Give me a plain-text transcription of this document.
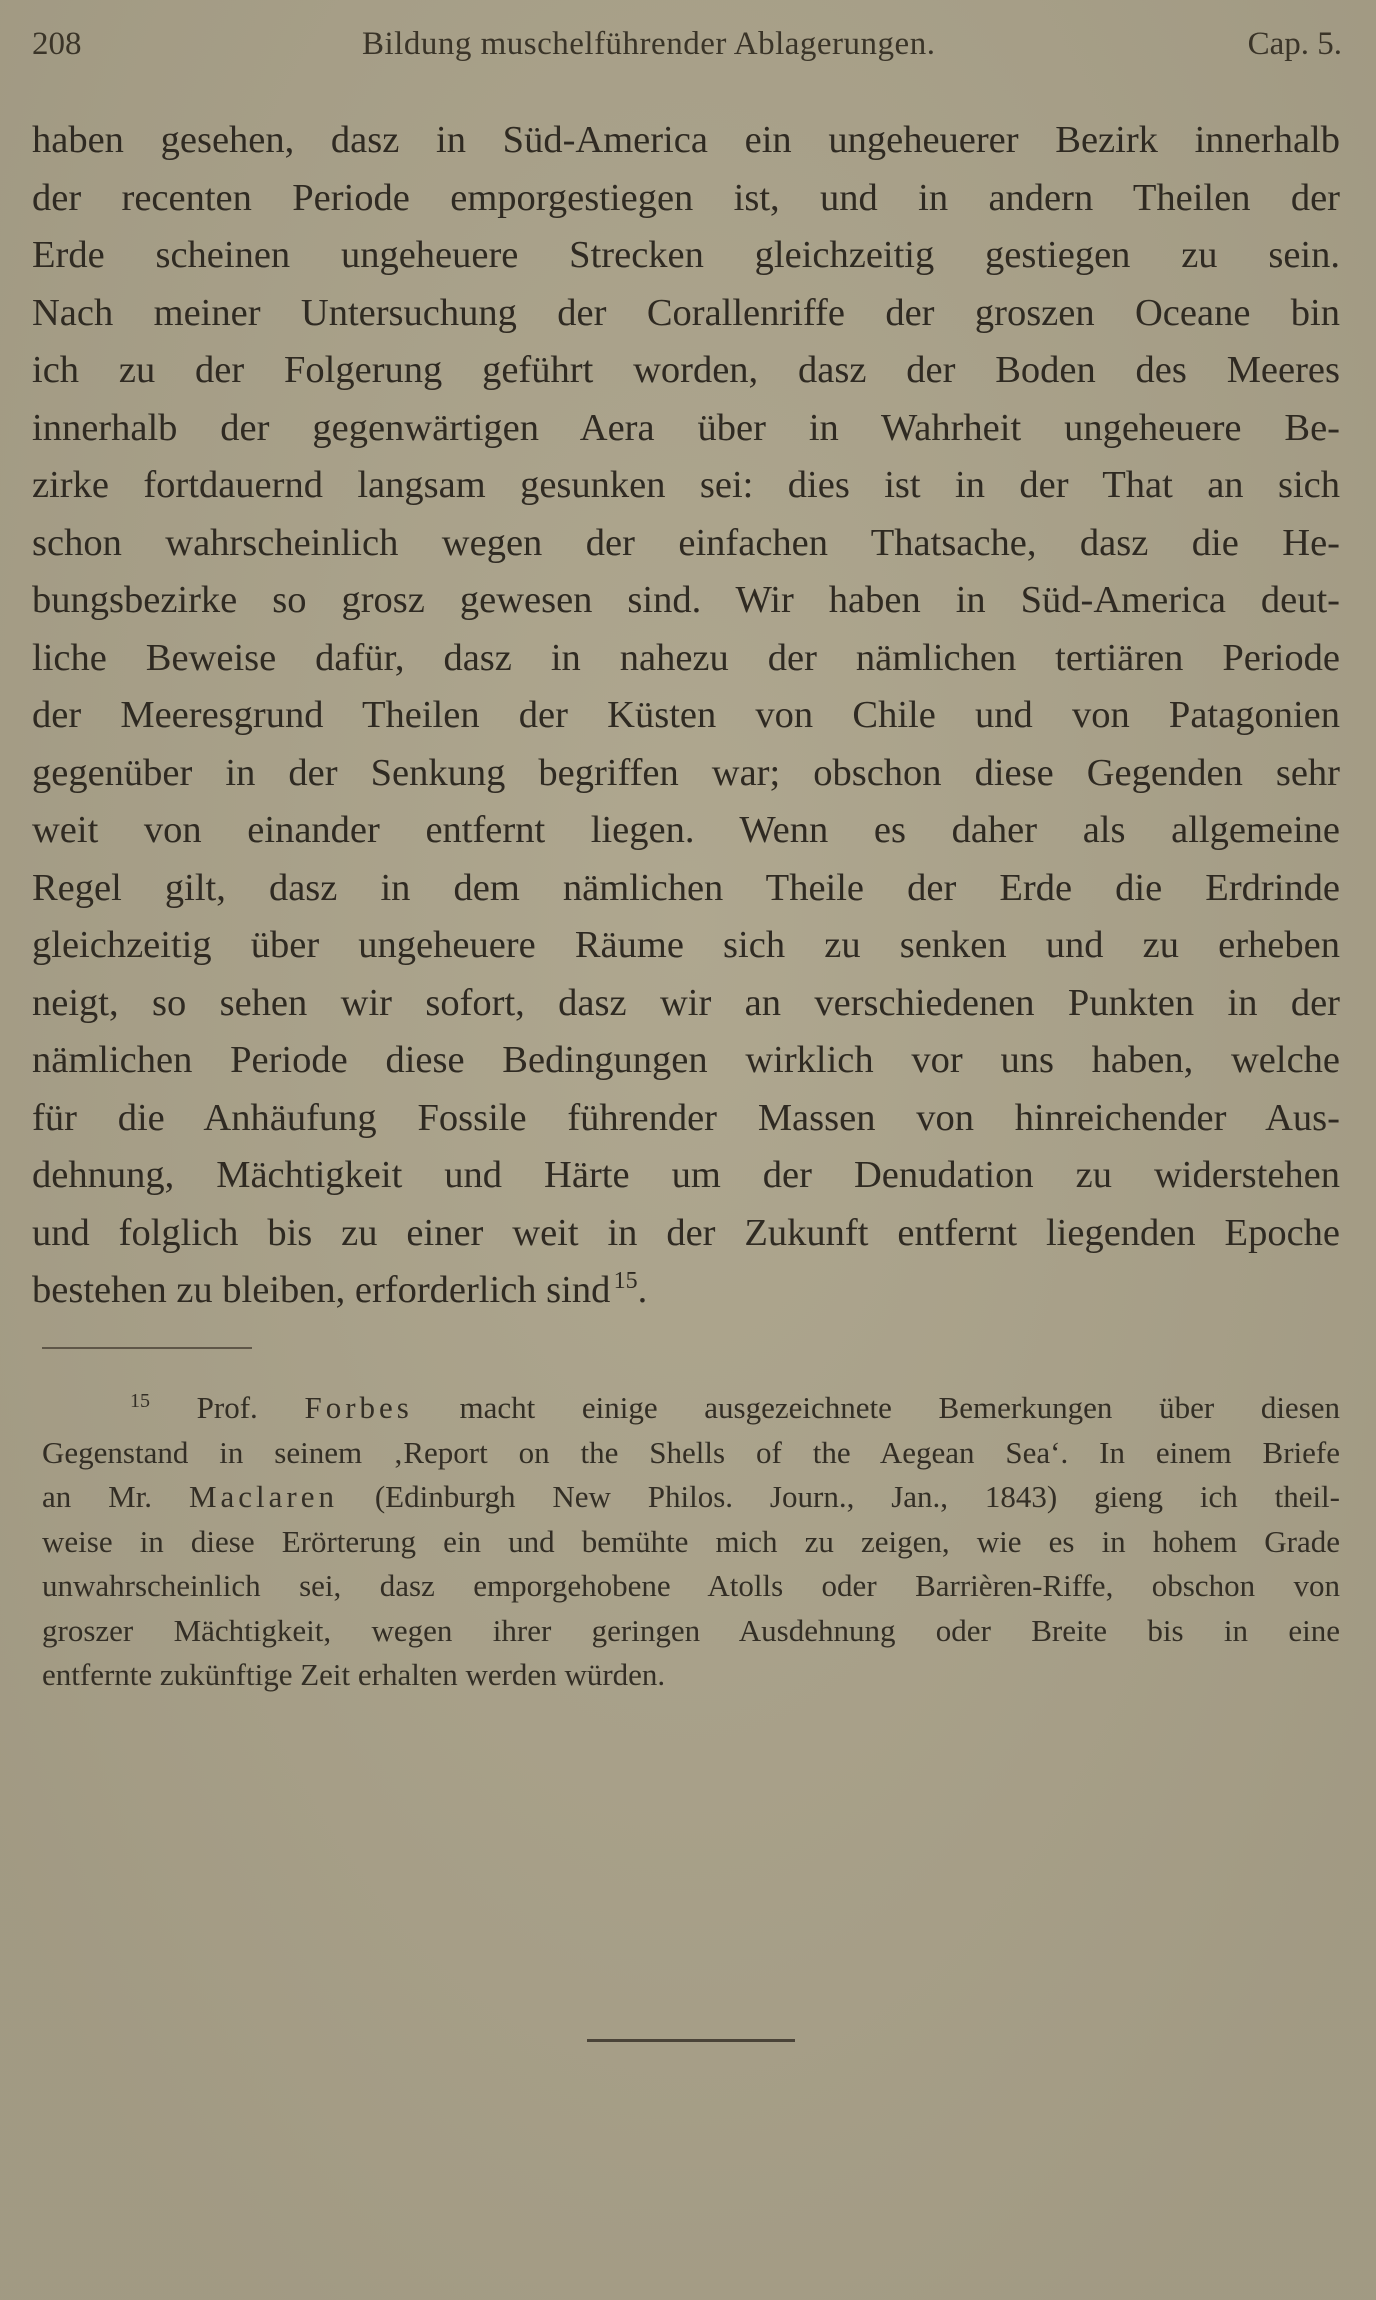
208	Bildung muschelführender Ablagerungen.	Cap. 5.
haben gesehen, dasz in Süd-America ein ungeheuerer Bezirk innerhalb
der recenten Periode emporgestiegen ist, und in andern Theilen der
Erde scheinen ungeheuere Strecken gleichzeitig gestiegen zu sein.
Nach meiner Untersuchung der Corallenriffe der groszen Oceane bin
ich zu der Folgerung geführt worden, dasz der Boden des Meeres
innerhalb der gegenwärtigen Aera über in Wahrheit ungeheuere Be-
zirke fortdauernd langsam gesunken sei: dies ist in der That an sich
schon wahrscheinlich wegen der einfachen Thatsache, dasz die He-
bungsbezirke so grosz gewesen sind. Wir haben in Süd-America deut-
liche Beweise dafür, dasz in nahezu der nämlichen tertiären Periode
der Meeresgrund Theilen der Küsten von Chile und von Patagonien
gegenüber in der Senkung begriffen war; obschon diese Gegenden sehr
weit von einander entfernt liegen. Wenn es daher als allgemeine
Regel gilt, dasz in dem nämlichen Theile der Erde die Erdrinde
gleichzeitig über ungeheuere Räume sich zu senken und zu erheben
neigt, so sehen wir sofort, dasz wir an verschiedenen Punkten in der
nämlichen Periode diese Bedingungen wirklich vor uns haben, welche
für die Anhäufung Fossile führender Massen von hinreichender Aus-
dehnung, Mächtigkeit und Härte um der Denudation zu widerstehen
und folglich bis zu einer weit in der Zukunft entfernt liegenden Epoche
bestehen zu bleiben, erforderlich sind  $^{15}$.
$^{15}$ Prof. Forbes macht einige ausgezeichnete Bemerkungen über diesen
Gegenstand in seinem ‚Report on the Shells of the Aegean Sea‘. In einem Briefe
an Mr. Maclaren (Edinburgh New Philos. Journ., Jan., 1843) gieng ich theil-
weise in diese Erörterung ein und bemühte mich zu zeigen, wie es in hohem Grade
unwahrscheinlich sei, dasz emporgehobene Atolls oder Barrièren-Riffe, obschon von
groszer Mächtigkeit, wegen ihrer geringen Ausdehnung oder Breite bis in eine
entfernte zukünftige Zeit erhalten werden würden.
